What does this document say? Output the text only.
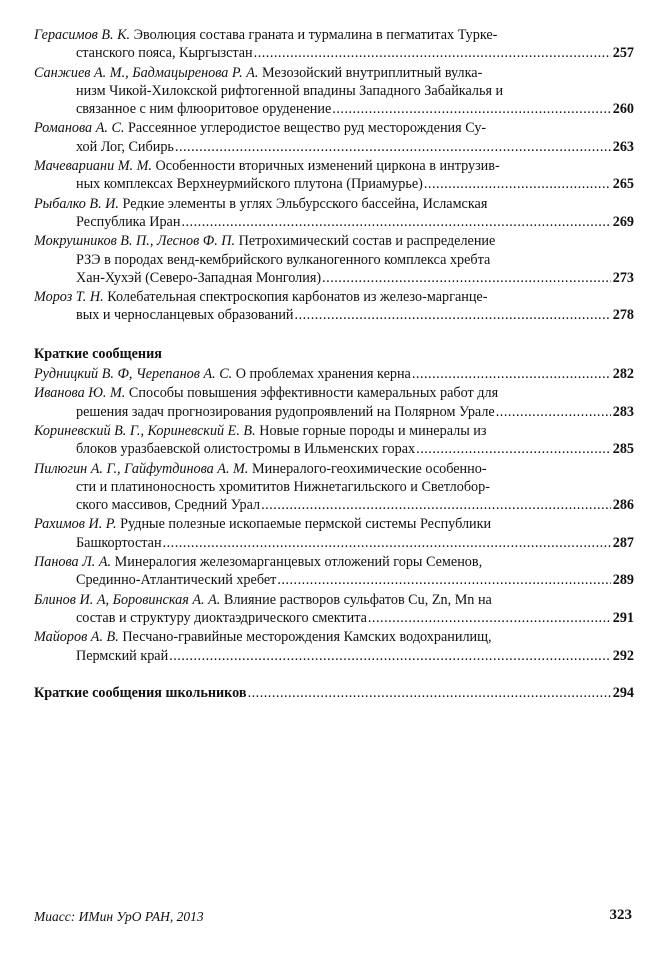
Герасимов В. К. Эволюция состава граната и турмалина в пегматитах Турке-
станского пояса, Кыргызстан .....	257
Санжиев А. М., Бадмацыренова Р. А. Мезозойский внутриплитный вулка-
низм Чикой-Хилокской рифтогенной впадины Западного Забайкалья и
связанное с ним флюоритовое оруденение .....	260
Романова А. С. Рассеянное углеродистое вещество руд месторождения Су-
хой Лог, Сибирь .....	263
Мачевариани М. М. Особенности вторичных изменений циркона в интрузив-
ных комплексах Верхнеурмийского плутона (Приамурье) .....	265
Рыбалко В. И. Редкие элементы в углях Эльбурсского бассейна, Исламская
Республика Иран .....	269
Мокрушников В. П., Леснов Ф. П. Петрохимический состав и распределение
РЗЭ в породах венд-кембрийского вулканогенного комплекса хребта
Хан-Хухэй (Северо-Западная Монголия) .....	273
Мороз Т. Н. Колебательная спектроскопия карбонатов из железо-марганце-
вых и черносланцевых образований .....	278
Краткие сообщения
Рудницкий В. Ф, Черепанов А. С. О проблемах хранения керна .....	282
Иванова Ю. М. Способы повышения эффективности камеральных работ для
решения задач прогнозирования рудопроявлений на Полярном Урале .....	283
Кориневский В. Г., Кориневский Е. В. Новые горные породы и минералы из
блоков уразбаевской олистостромы в Ильменских горах .....	285
Пилюгин А. Г., Гайфутдинова А. М. Минералого-геохимические особенно-
сти и платиноносность хромититов Нижнетагильского и Светлобор-
ского массивов, Средний Урал .....	286
Рахимов И. Р. Рудные полезные ископаемые пермской системы Республики
Башкортостан .....	287
Панова Л. А. Минералогия железомарганцевых отложений горы Семенов,
Срединно-Атлантический хребет .....	289
Блинов И. А, Боровинская А. А. Влияние растворов сульфатов Cu, Zn, Mn на
состав и структуру диоктаэдрического смектита .....	291
Майоров А. В. Песчано-гравийные месторождения Камских водохранилищ,
Пермский край .....	292
Краткие сообщения школьников .....	294
Миасс: ИМин УрО РАН, 2013	323
